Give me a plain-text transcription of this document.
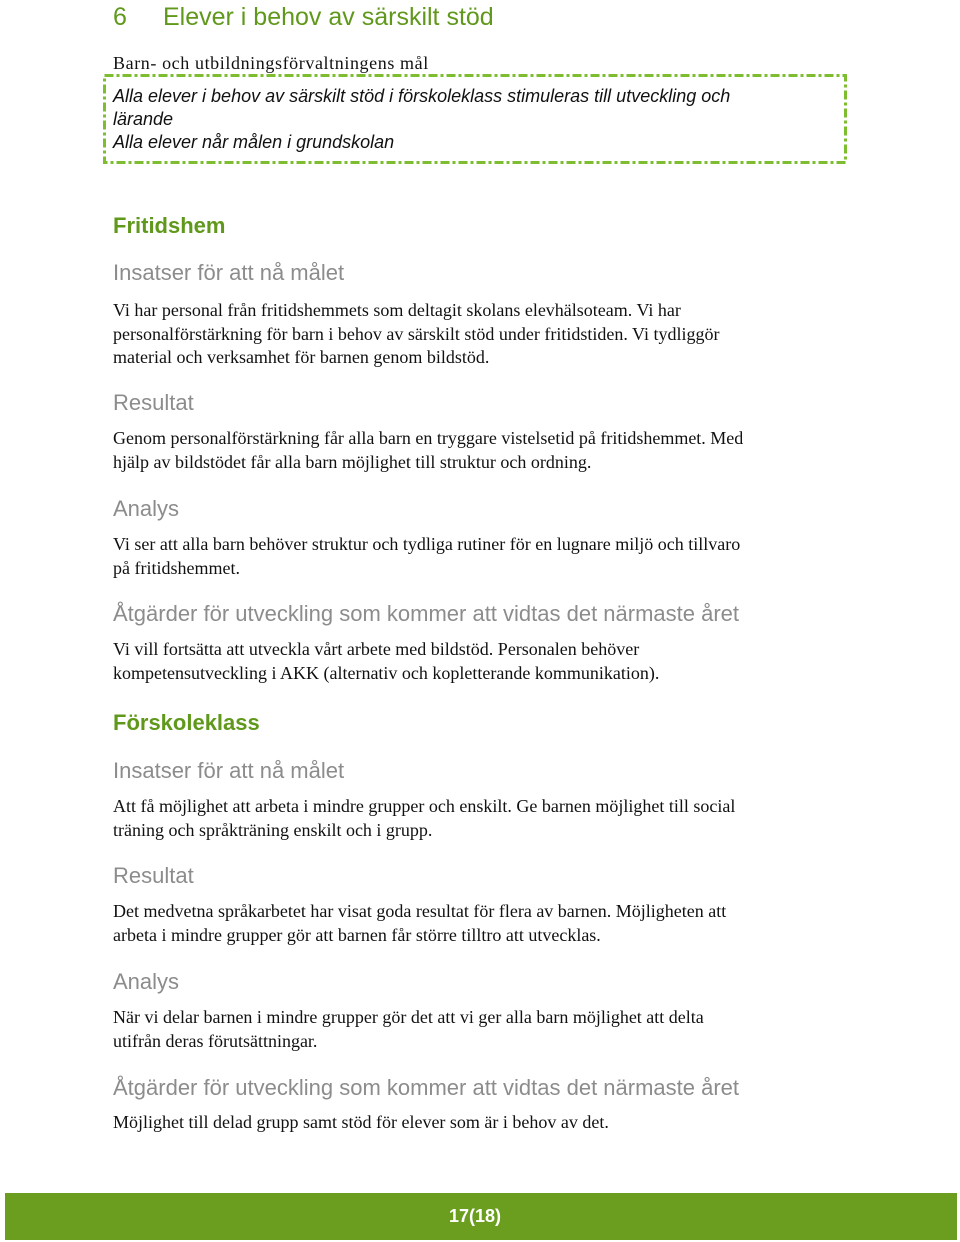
6 Elever i behov av särskilt stöd
Barn- och utbildningsförvaltningens mål
Alla elever i behov av särskilt stöd i förskoleklass stimuleras till utveckling och
lärande
Alla elever når målen i grundskolan
Fritidshem
Insatser för att nå målet
Vi har personal från fritidshemmets som deltagit skolans elevhälsoteam. Vi har
personalförstärkning för barn i behov av särskilt stöd under fritidstiden. Vi tydliggör
material och verksamhet för barnen genom bildstöd.
Resultat
Genom personalförstärkning får alla barn en tryggare vistelsetid på fritidshemmet. Med
hjälp av bildstödet får alla barn möjlighet till struktur och ordning.
Analys
Vi ser att alla barn behöver struktur och tydliga rutiner för en lugnare miljö och tillvaro
på fritidshemmet.
Åtgärder för utveckling som kommer att vidtas det närmaste året
Vi vill fortsätta att utveckla vårt arbete med bildstöd. Personalen behöver
kompetensutveckling i AKK (alternativ och kopletterande kommunikation).
Förskoleklass
Insatser för att nå målet
Att få möjlighet att arbeta i mindre grupper och enskilt. Ge barnen möjlighet till social
träning och språkträning enskilt och i grupp.
Resultat
Det medvetna språkarbetet har visat goda resultat för flera av barnen. Möjligheten att
arbeta i mindre grupper gör att barnen får större tilltro att utvecklas.
Analys
När vi delar barnen i mindre grupper gör det att vi ger alla barn möjlighet att delta
utifrån deras förutsättningar.
Åtgärder för utveckling som kommer att vidtas det närmaste året
Möjlighet till delad grupp samt stöd för elever som är i behov av det.
17(18)
